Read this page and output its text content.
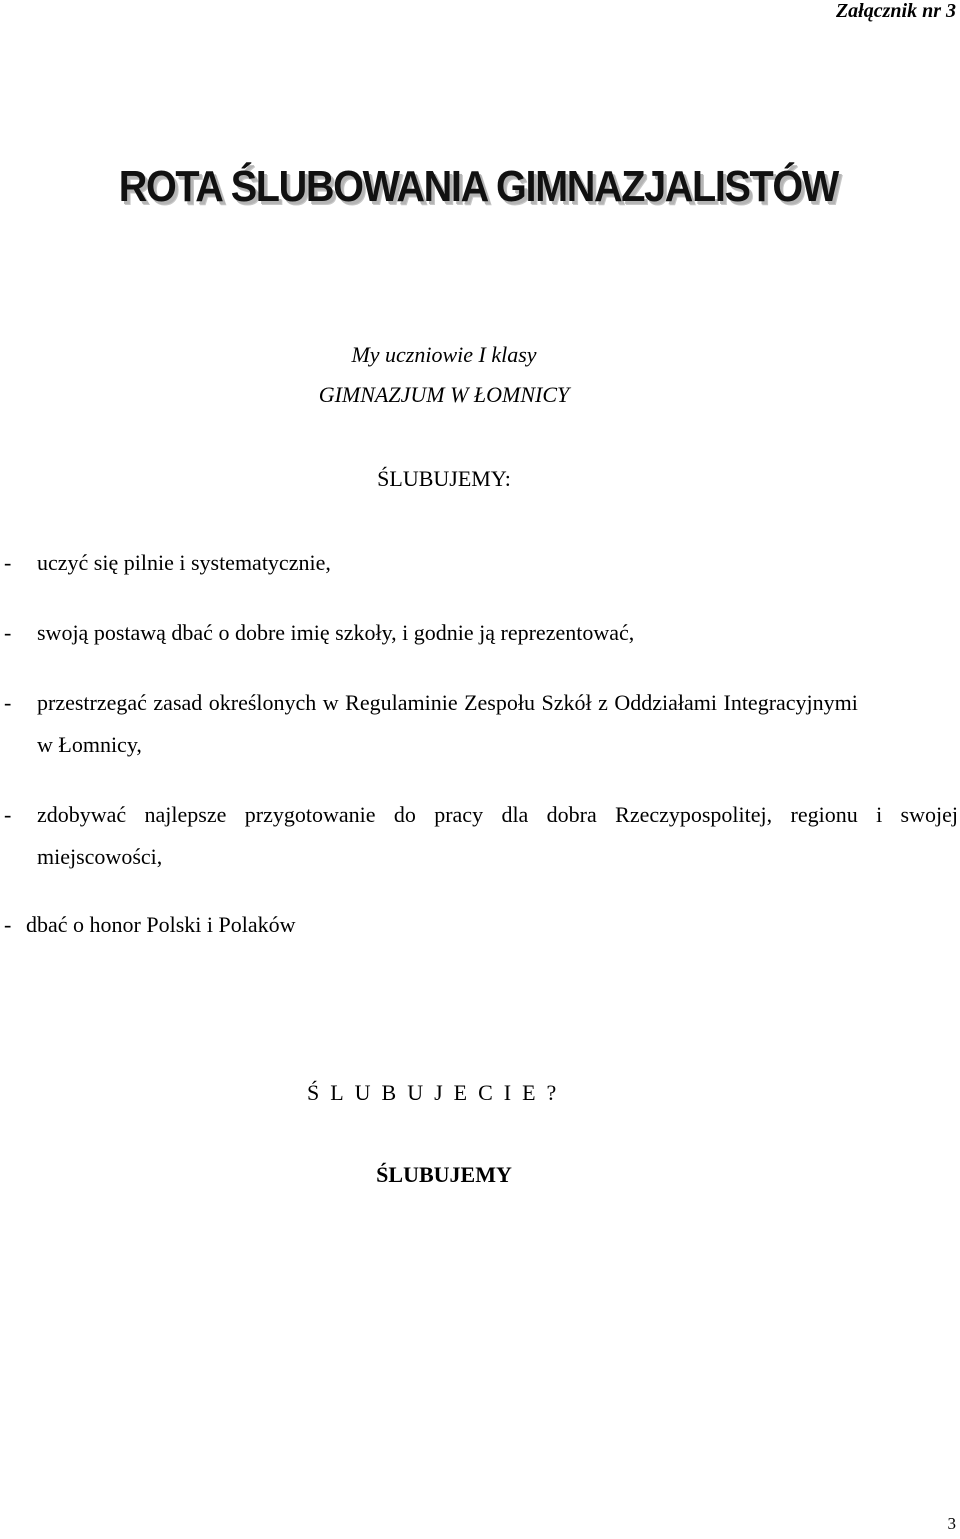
Załącznik nr 3
ROTA ŚLUBOWANIA GIMNAZJALISTÓW
My uczniowie I klasy
GIMNAZJUM W ŁOMNICY
ŚLUBUJEMY:
- uczyć się pilnie i systematycznie,
- swoją postawą dbać o dobre imię szkoły, i godnie ją reprezentować,
- przestrzegać zasad określonych w Regulaminie Zespołu Szkół z Oddziałami Integracyjnymi
w Łomnicy,
- zdobywać najlepsze przygotowanie do pracy dla dobra Rzeczypospolitej, regionu i swojej
miejscowości,
- dbać o honor Polski i Polaków
ŚLUBUJECIE?
ŚLUBUJEMY
3
